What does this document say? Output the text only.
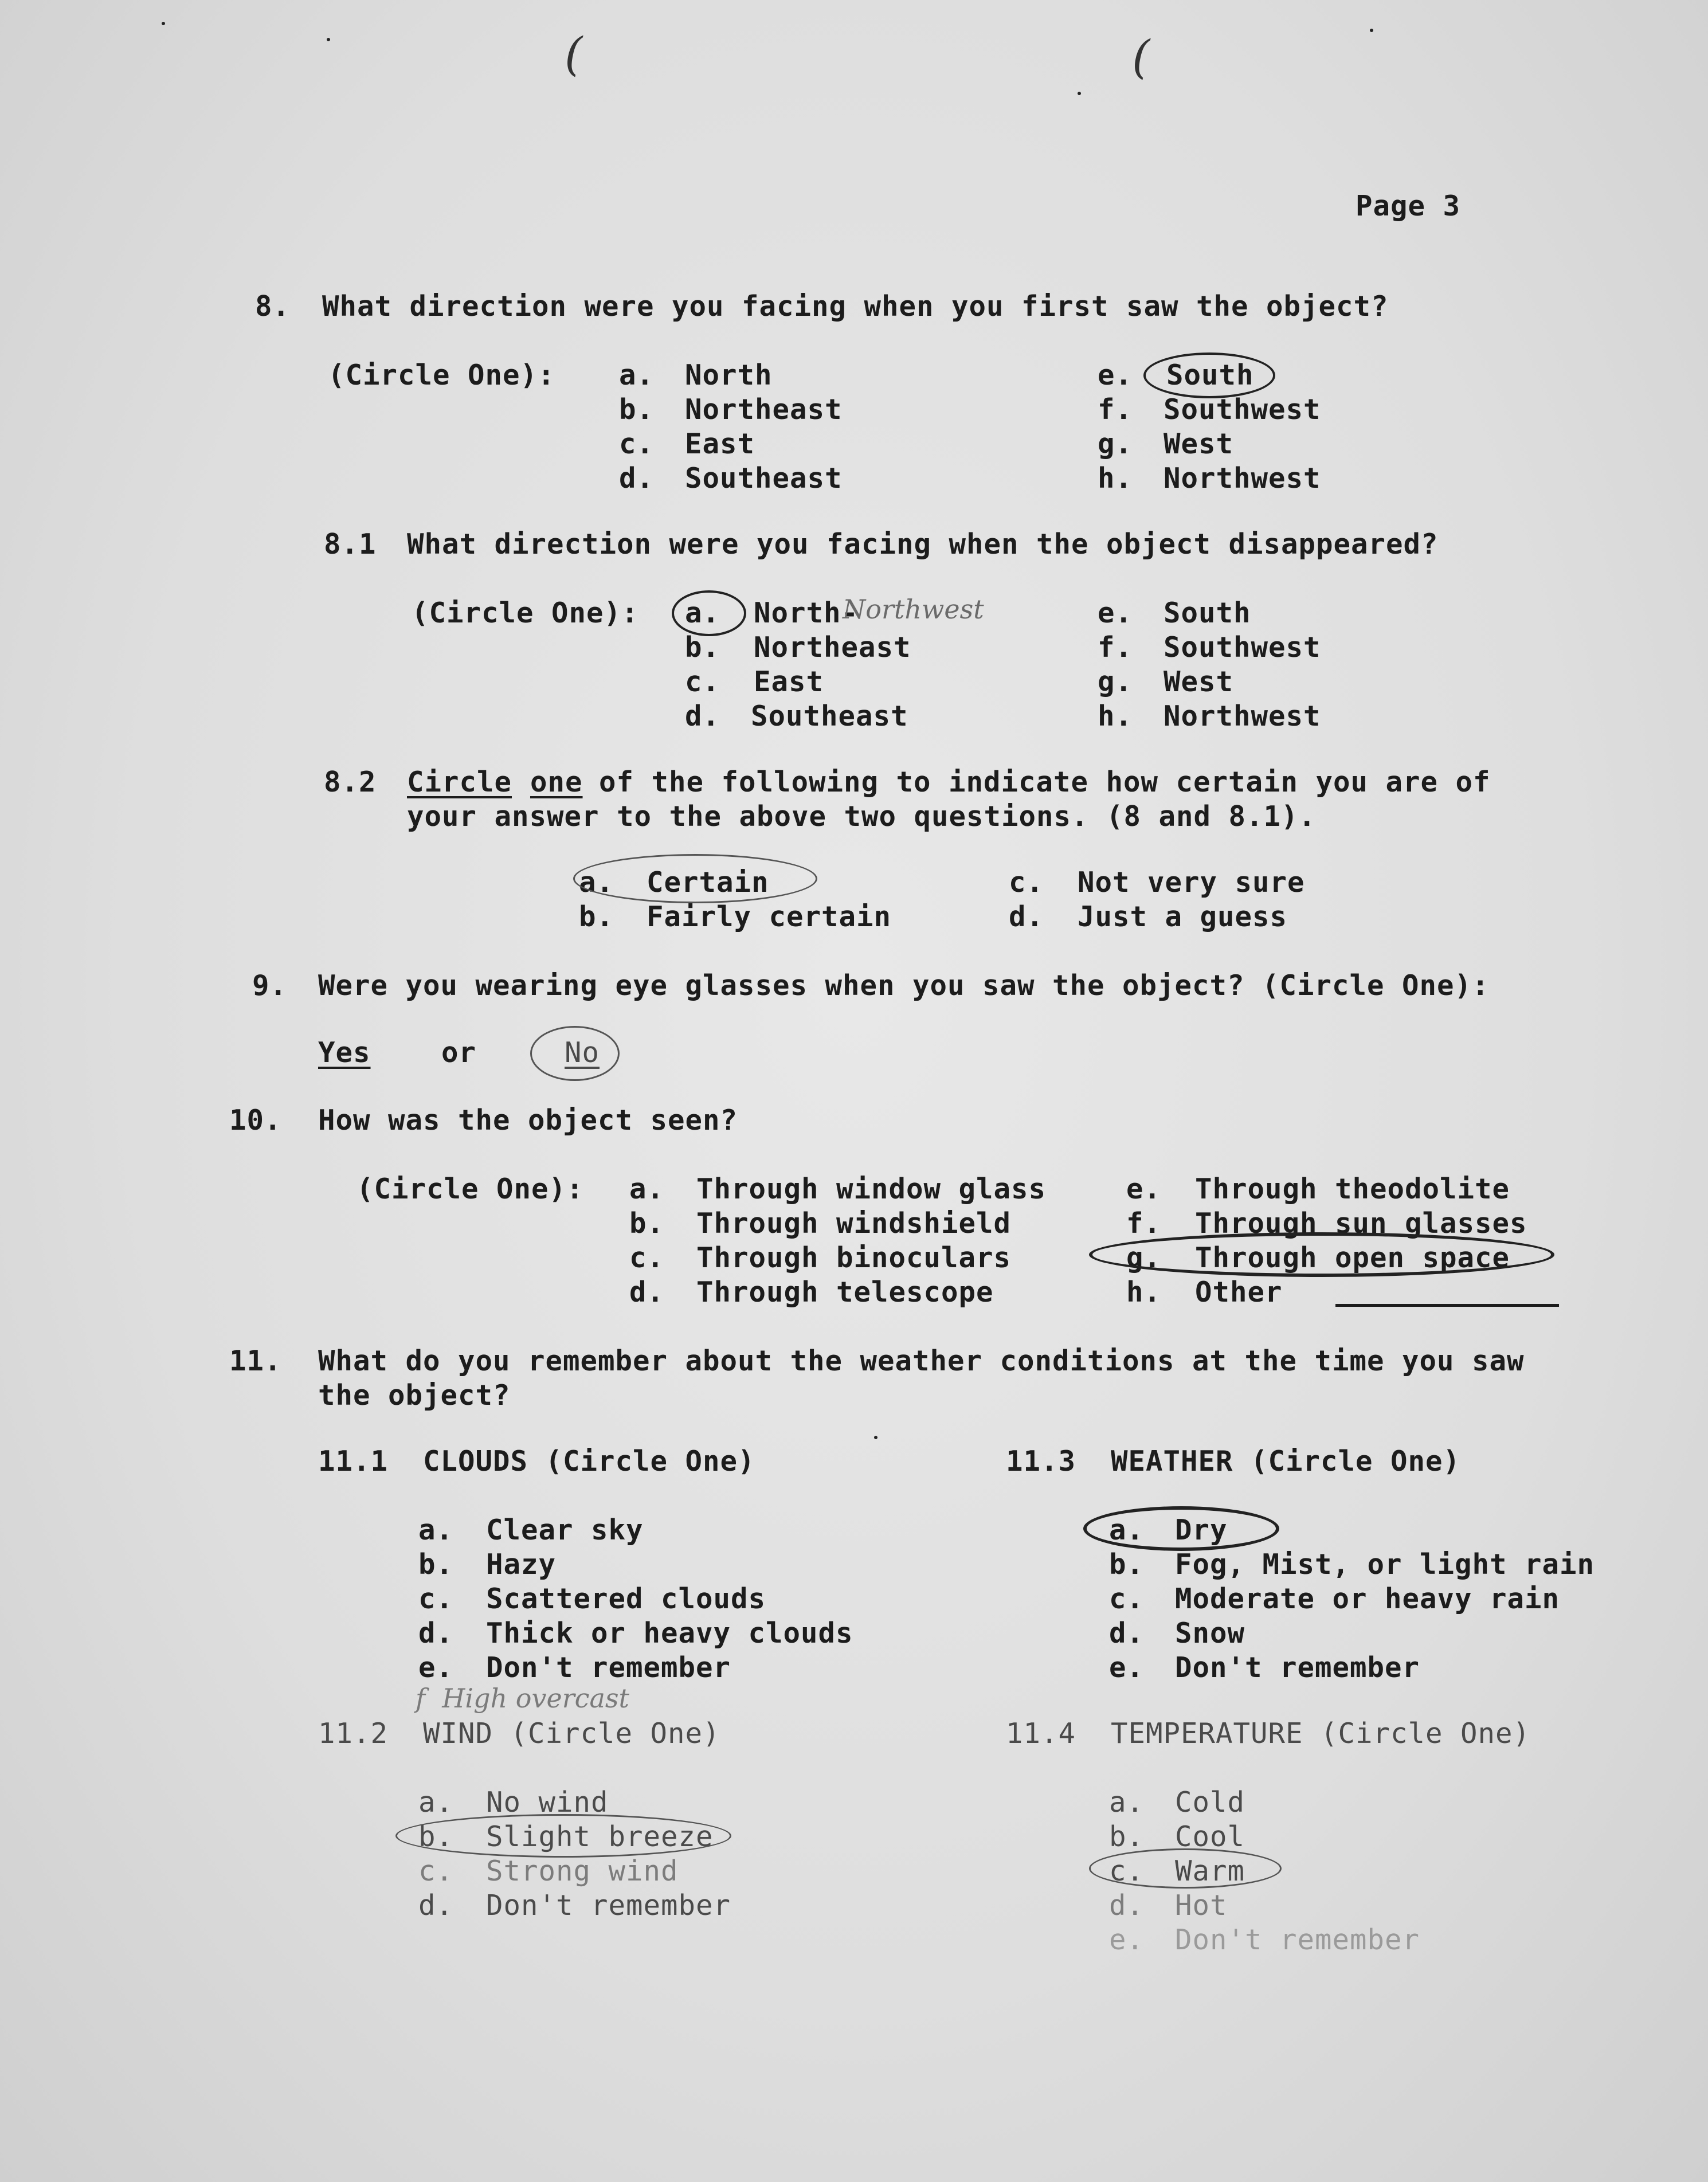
(	(
Page 3
8. What direction were you facing when you first saw the object?
(Circle One): a. North
b. Northeast
c. East
d. Southeast
e. South
f. Southwest
g. West
h. Northwest
8.1 What direction were you facing when the object disappeared?
(Circle One): a. North-
Northwest
b. Northeast
c. East
d. Southeast
e. South
f. Southwest
g. West
h. Northwest
8.2 Circle one of the following to indicate how certain you are of
your answer to the above two questions. (8 and 8.1).
a. Certain
b. Fairly certain
c. Not very sure
d. Just a guess
9. Were you wearing eye glasses when you saw the object? (Circle One):
Yes	or	No
10. How was the object seen?
(Circle One): a. Through window glass
b. Through windshield
c. Through binoculars
d. Through telescope
e. Through theodolite
f. Through sun glasses
g. Through open space
h. Other
11. What do you remember about the weather conditions at the time you saw
the object?
11.1  CLOUDS (Circle One)
a. Clear sky
b. Hazy
c. Scattered clouds
d. Thick or heavy clouds
e. Don't remember
f  High overcast
11.2  WIND (Circle One)
a. No wind
b. Slight breeze
c. Strong wind
d. Don't remember
11.3  WEATHER (Circle One)
a. Dry
b. Fog, Mist, or light rain
c. Moderate or heavy rain
d. Snow
e. Don't remember
11.4  TEMPERATURE (Circle One)
a. Cold
b. Cool
c. Warm
d. Hot
e. Don't remember
